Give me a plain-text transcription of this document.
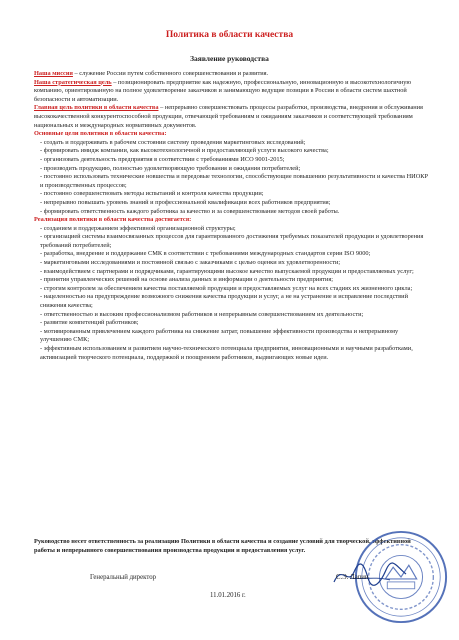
Политика в области качества
Заявление руководства

Наша миссия – служение России путем собственного совершенствования и развития.

Наша стратегическая цель – позиционировать предприятие как надежную, профессиональную, инновационную и высокотехнологичную компанию, ориентированную на полное удовлетворение заказчиков и занимающую ведущие позиции в России в области систем шахтной безопасности и автоматизации.

Главная цель политики в области качества – непрерывно совершенствовать процессы разработки, производства, внедрения и обслуживания высококачественной конкурентоспособной продукции, отвечающей требованиям и ожиданиям заказчиков и соответствующей требованиям национальных и международных нормативных документов.

Основные цели политики в области качества:

- создать и поддерживать в рабочем состоянии систему проведения маркетинговых исследований;

- формировать имидж компании, как высокотехнологичной и предоставляющей услуги высокого качества;

- организовать деятельность предприятия в соответствии с требованиями ИСО 9001-2015;

- производить продукцию, полностью удовлетворяющую требования и ожидания потребителей;

- постоянно использовать технические новшества и передовые технологии, способствующие повышению результативности и качества НИОКР и производственных процессов;

- постоянно совершенствовать методы испытаний и контроля качества продукции;

- непрерывно повышать уровень знаний и профессиональной квалификации всех работников предприятия;

- формировать ответственность каждого работника за качество и за совершенствование методов своей работы.

Реализация политики в области качества достигается:

- созданием и поддержанием эффективной организационной структуры;

- организацией системы взаимосвязанных процессов для гарантированного достижения требуемых показателей продукции и удовлетворения требований потребителей;

- разработка, внедрение и поддержание СМК в соответствии с требованиями международных стандартов серии ISO 9000;

- маркетинговыми исследованиями и постоянной связью с заказчиками с целью оценки их удовлетворенности;

- взаимодействием с партнерами и подрядчиками, гарантирующими высокое качество выпускаемой продукции и предоставляемых услуг;

- принятия управленческих решений на основе анализа данных и информации о деятельности предприятия;

- строгим контролем за обеспечением качества поставляемой продукции и предоставляемых услуг на всех стадиях их жизненного цикла;

- нацеленностью на предупреждение возможного снижения качества продукции и услуг, а не на устранение и исправление последствий снижения качества;

- ответственностью и высоким профессионализмом работников и непрерывным совершенствованием их деятельности;

- развитие компетенций работников;

- мотивированным привлечением каждого работника на снижение затрат, повышение эффективности производства и непрерывному улучшению СМК;

- эффективным использованием и развитием научно-технического потенциала предприятия, инновационными и научными разработками, активизацией творческого потенциала, поддержкой и поощрением работников, выдвигающих новые идеи.

Руководство несет ответственность за реализацию Политики в области качества и создание условий для творческой, эффективной работы и непрерывного совершенствования производства продукции и предоставления услуг.

Генеральный директор	С.Э. Лапин
11.01.2016 г.
